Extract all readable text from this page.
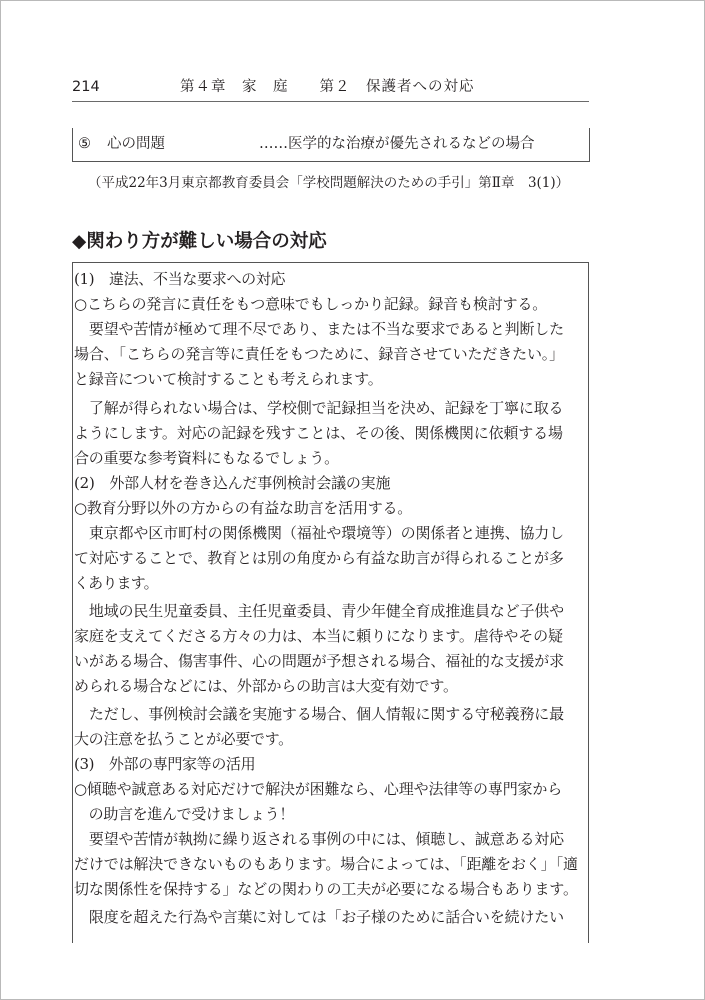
214	第４章　家　庭　　第２　保護者への対応
⑤ 心の問題	……医学的な治療が優先されるなどの場合
（平成22年3月東京都教育委員会「学校問題解決のための手引」第Ⅱ章　3(1)）
◆関わり方が難しい場合の対応
(1)　違法、不当な要求への対応
○こちらの発言に責任をもつ意味でもしっかり記録。録音も検討する。
　要望や苦情が極めて理不尽であり、または不当な要求であると判断した
場合、「こちらの発言等に責任をもつために、録音させていただきたい。」
と録音について検討することも考えられます。
　了解が得られない場合は、学校側で記録担当を決め、記録を丁寧に取る
ようにします。対応の記録を残すことは、その後、関係機関に依頼する場
合の重要な参考資料にもなるでしょう。
(2)　外部人材を巻き込んだ事例検討会議の実施
○教育分野以外の方からの有益な助言を活用する。
　東京都や区市町村の関係機関（福祉や環境等）の関係者と連携、協力し
て対応することで、教育とは別の角度から有益な助言が得られることが多
くあります。
　地域の民生児童委員、主任児童委員、青少年健全育成推進員など子供や
家庭を支えてくださる方々の力は、本当に頼りになります。虐待やその疑
いがある場合、傷害事件、心の問題が予想される場合、福祉的な支援が求
められる場合などには、外部からの助言は大変有効です。
　ただし、事例検討会議を実施する場合、個人情報に関する守秘義務に最
大の注意を払うことが必要です。
(3)　外部の専門家等の活用
○傾聴や誠意ある対応だけで解決が困難なら、心理や法律等の専門家から
　の助言を進んで受けましょう！
　要望や苦情が執拗に繰り返される事例の中には、傾聴し、誠意ある対応
だけでは解決できないものもあります。場合によっては、「距離をおく」「適
切な関係性を保持する」などの関わりの工夫が必要になる場合もあります。
　限度を超えた行為や言葉に対しては「お子様のために話合いを続けたい
